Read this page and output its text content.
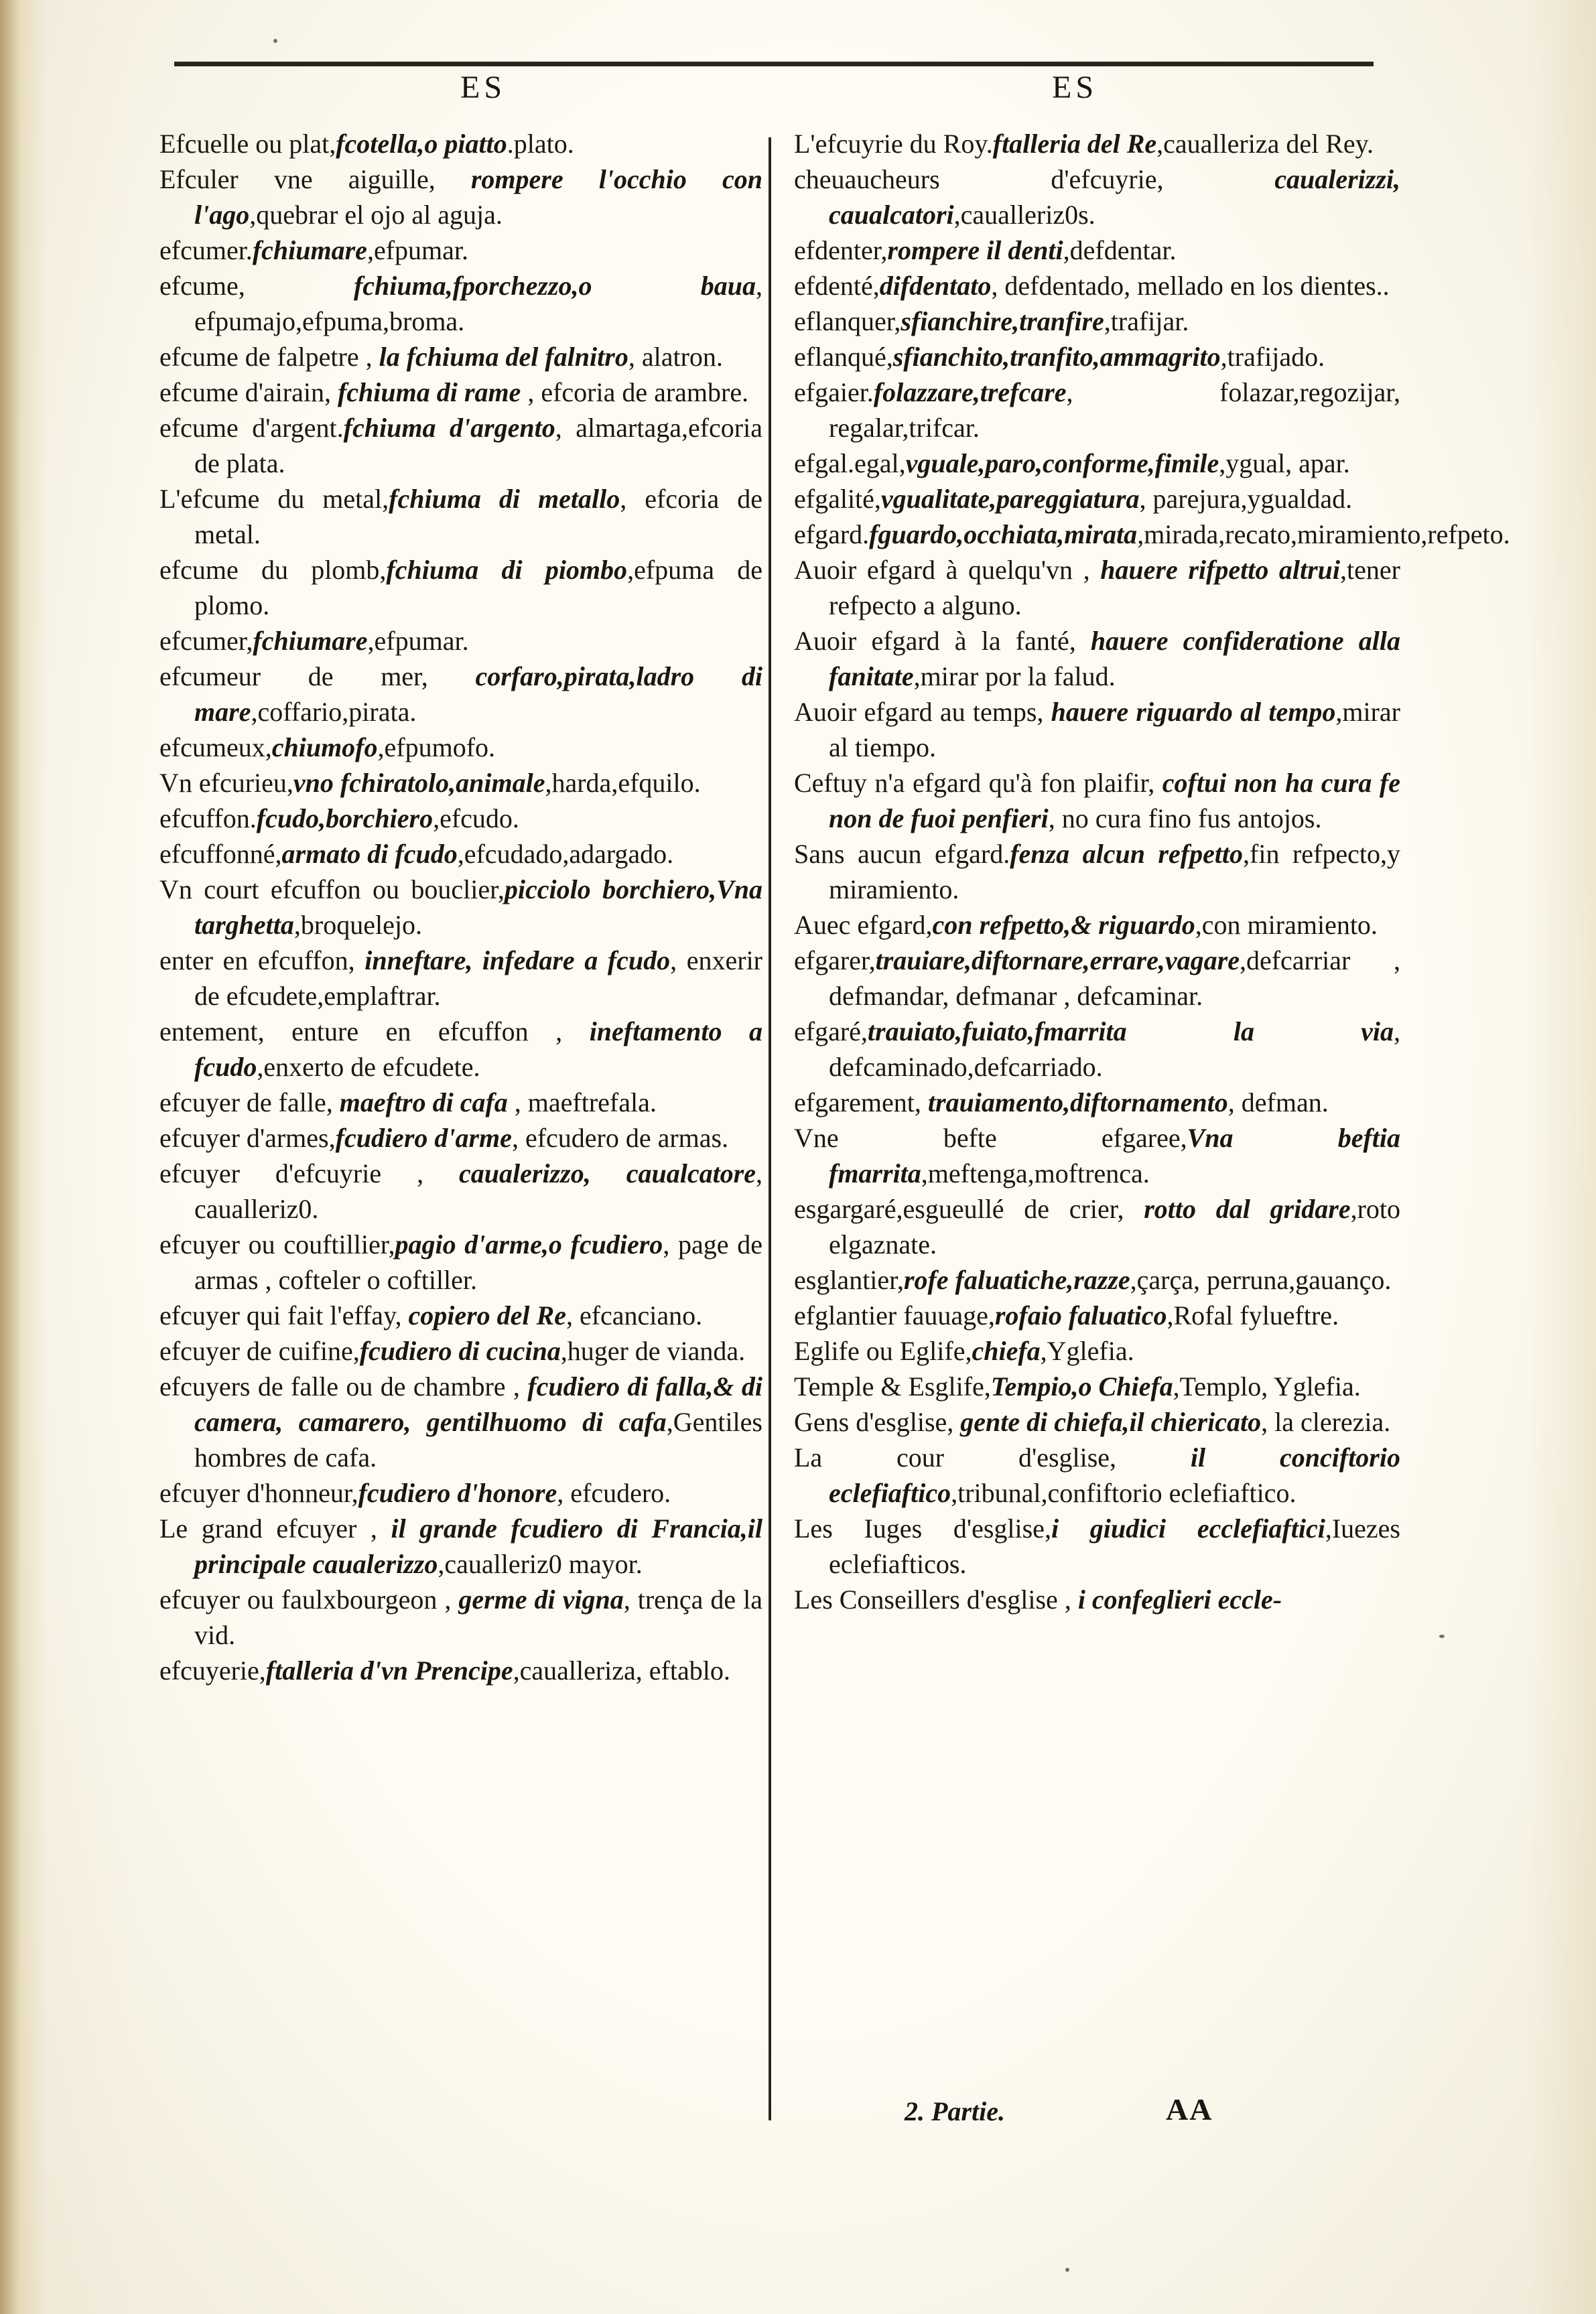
ES	ES

Efcuelle ou plat,fcotella,o piatto.plato.

Efculer vne aiguille, rompere l'occhio con l'ago,quebrar el ojo al aguja.

efcumer.fchiumare,efpumar.

efcume, fchiuma,fporchezzo,o baua, efpumajo,efpuma,broma.

efcume de falpetre , la fchiuma del falnitro, alatron.

efcume d'airain, fchiuma di rame , efcoria de arambre.

efcume d'argent.fchiuma d'argento, almartaga,efcoria de plata.

L'efcume du metal,fchiuma di metallo, efcoria de metal.

efcume du plomb,fchiuma di piombo,efpuma de plomo.

efcumer,fchiumare,efpumar.

efcumeur de mer, corfaro,pirata,ladro di mare,coffario,pirata.

efcumeux,chiumofo,efpumofo.

Vn efcurieu,vno fchiratolo,animale,harda,efquilo.

efcuffon.fcudo,borchiero,efcudo.

efcuffonné,armato di fcudo,efcudado,adargado.

Vn court efcuffon ou bouclier,picciolo borchiero,Vna targhetta,broquelejo.

enter en efcuffon, inneftare, infedare a fcudo, enxerir de efcudete,emplaftrar.

entement, enture en efcuffon , ineftamento a fcudo,enxerto de efcudete.

efcuyer de falle, maeftro di cafa , maeftrefala.

efcuyer d'armes,fcudiero d'arme, efcudero de armas.

efcuyer d'efcuyrie , caualerizzo, caualcatore, caualleriz0.

efcuyer ou couftillier,pagio d'arme,o fcudiero, page de armas , cofteler o coftiller.

efcuyer qui fait l'effay, copiero del Re, efcanciano.

efcuyer de cuifine,fcudiero di cucina,huger de vianda.

efcuyers de falle ou de chambre , fcudiero di falla,& di camera, camarero, gentilhuomo di cafa,Gentiles hombres de cafa.

efcuyer d'honneur,fcudiero d'honore, efcudero.

Le grand efcuyer , il grande fcudiero di Francia,il principale caualerizzo,caualleriz0 mayor.

efcuyer ou faulxbourgeon , germe di vigna, trença de la vid.

efcuyerie,ftalleria d'vn Prencipe,caualleriza, eftablo.

L'efcuyrie du Roy.ftalleria del Re,caualleriza del Rey.

cheuaucheurs d'efcuyrie, caualerizzi, caualcatori,caualleriz0s.

efdenter,rompere il denti,defdentar.

efdenté,difdentato, defdentado, mellado en los dientes..

eflanquer,sfianchire,tranfire,trafijar.

eflanqué,sfianchito,tranfito,ammagrito,trafijado.

efgaier.folazzare,trefcare, folazar,regozijar, regalar,trifcar.

efgal.egal,vguale,paro,conforme,fimile,ygual, apar.

efgalité,vgualitate,pareggiatura, parejura,ygualdad.

efgard.fguardo,occhiata,mirata,mirada,recato,miramiento,refpeto.

Auoir efgard à quelqu'vn , hauere rifpetto altrui,tener refpecto a alguno.

Auoir efgard à la fanté, hauere confideratione alla fanitate,mirar por la falud.

Auoir efgard au temps, hauere riguardo al tempo,mirar al tiempo.

Ceftuy n'a efgard qu'à fon plaifir, coftui non ha cura fe non de fuoi penfieri, no cura fino fus antojos.

Sans aucun efgard.fenza alcun refpetto,fin refpecto,y miramiento.

Auec efgard,con refpetto,& riguardo,con miramiento.

efgarer,trauiare,diftornare,errare,vagare,defcarriar , defmandar, defmanar , defcaminar.

efgaré,trauiato,fuiato,fmarrita la via, defcaminado,defcarriado.

efgarement, trauiamento,diftornamento, defman.

Vne befte efgaree,Vna beftia fmarrita,meftenga,moftrenca.

esgargaré,esgueullé de crier, rotto dal gridare,roto elgaznate.

esglantier,rofe faluatiche,razze,çarça, perruna,gauanço.

efglantier fauuage,rofaio faluatico,Rofal fylueftre.

Eglife ou Eglife,chiefa,Yglefia.

Temple & Esglife,Tempio,o Chiefa,Templo, Yglefia.

Gens d'esglise, gente di chiefa,il chiericato, la clerezia.

La cour d'esglise, il conciftorio eclefiaftico,tribunal,confiftorio eclefiaftico.

Les Iuges d'esglise,i giudici ecclefiaftici,Iuezes eclefiafticos.

Les Conseillers d'esglise , i confeglieri eccle-

2. Partie.	AA
